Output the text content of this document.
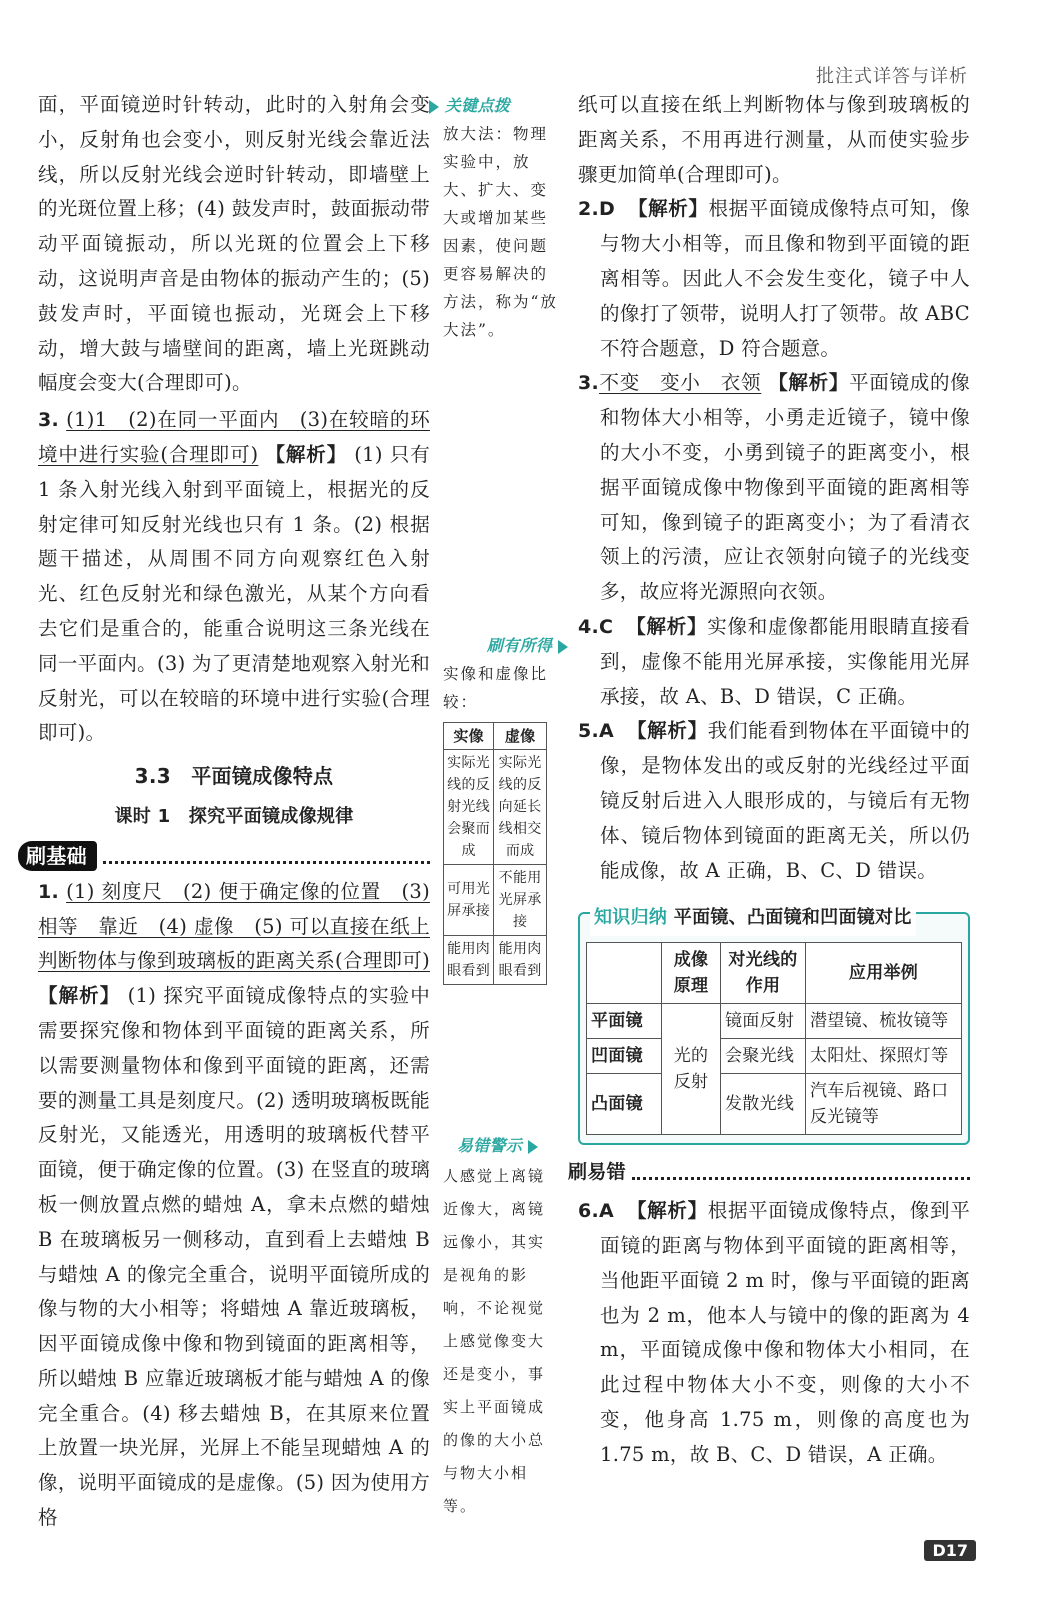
批注式详答与详析

面，平面镜逆时针转动，此时的入射角会变小，反射角也会变小，则反射光线会靠近法线，所以反射光线会逆时针转动，即墙壁上的光斑位置上移；(4) 鼓发声时，鼓面振动带动平面镜振动，所以光斑的位置会上下移动，这说明声音是由物体的振动产生的；(5) 鼓发声时，平面镜也振动，光斑会上下移动，增大鼓与墙壁间的距离，墙上光斑跳动幅度会变大(合理即可)。

3. (1)1　(2)在同一平面内　(3)在较暗的环境中进行实验(合理即可) 【解析】 (1) 只有 1 条入射光线入射到平面镜上，根据光的反射定律可知反射光线也只有 1 条。(2) 根据题干描述，从周围不同方向观察红色入射光、红色反射光和绿色激光，从某个方向看去它们是重合的，能重合说明这三条光线在同一平面内。(3) 为了更清楚地观察入射光和反射光，可以在较暗的环境中进行实验(合理即可)。

3.3　平面镜成像特点
课时 1　探究平面镜成像规律
刷基础

1. (1) 刻度尺　(2) 便于确定像的位置　(3) 相等　靠近　(4) 虚像　(5) 可以直接在纸上判断物体与像到玻璃板的距离关系(合理即可) 【解析】 (1) 探究平面镜成像特点的实验中需要探究像和物体到平面镜的距离关系，所以需要测量物体和像到平面镜的距离，还需要的测量工具是刻度尺。(2) 透明玻璃板既能反射光，又能透光，用透明的玻璃板代替平面镜，便于确定像的位置。(3) 在竖直的玻璃板一侧放置点燃的蜡烛 A，拿未点燃的蜡烛 B 在玻璃板另一侧移动，直到看上去蜡烛 B 与蜡烛 A 的像完全重合，说明平面镜所成的像与物的大小相等；将蜡烛 A 靠近玻璃板，因平面镜成像中像和物到镜面的距离相等，所以蜡烛 B 应靠近玻璃板才能与蜡烛 A 的像完全重合。(4) 移去蜡烛 B，在其原来位置上放置一块光屏，光屏上不能呈现蜡烛 A 的像，说明平面镜成的是虚像。(5) 因为使用方格

关键点拨
放大法：物理实验中，放大、扩大、变大或增加某些因素，使问题更容易解决的方法，称为“放大法”。
刷有所得
实像和虚像比较：
实像	虚像
实际光线的反射光线会聚而成	实际光线的反向延长线相交而成
可用光屏承接	不能用光屏承接
能用肉眼看到	能用肉眼看到
易错警示
人感觉上离镜近像大，离镜远像小，其实是视角的影响，不论视觉上感觉像变大还是变小，事实上平面镜成的像的大小总与物大小相等。

纸可以直接在纸上判断物体与像到玻璃板的距离关系，不用再进行测量，从而使实验步骤更加简单(合理即可)。

2.D 【解析】根据平面镜成像特点可知，像与物大小相等，而且像和物到平面镜的距离相等。因此人不会发生变化，镜子中人的像打了领带，说明人打了领带。故 ABC 不符合题意，D 符合题意。

3.不变　变小　衣领 【解析】平面镜成的像和物体大小相等，小勇走近镜子，镜中像的大小不变，小勇到镜子的距离变小，根据平面镜成像中物像到平面镜的距离相等可知，像到镜子的距离变小；为了看清衣领上的污渍，应让衣领射向镜子的光线变多，故应将光源照向衣领。

4.C 【解析】实像和虚像都能用眼睛直接看到，虚像不能用光屏承接，实像能用光屏承接，故 A、B、D 错误，C 正确。

5.A 【解析】我们能看到物体在平面镜中的像，是物体发出的或反射的光线经过平面镜反射后进入人眼形成的，与镜后有无物体、镜后物体到镜面的距离无关，所以仍能成像，故 A 正确，B、C、D 错误。

知识归纳 平面镜、凸面镜和凹面镜对比
	成像原理	对光线的作用	应用举例
平面镜	光的反射	镜面反射	潜望镜、梳妆镜等
凹面镜		会聚光线	太阳灶、探照灯等
凸面镜		发散光线	汽车后视镜、路口反光镜等
刷易错

6.A 【解析】根据平面镜成像特点，像到平面镜的距离与物体到平面镜的距离相等，当他距平面镜 2 m 时，像与平面镜的距离也为 2 m，他本人与镜中的像的距离为 4 m，平面镜成像中像和物体大小相同，在此过程中物体大小不变，则像的大小不变，他身高 1.75 m，则像的高度也为 1.75 m，故 B、C、D 错误，A 正确。

D17
